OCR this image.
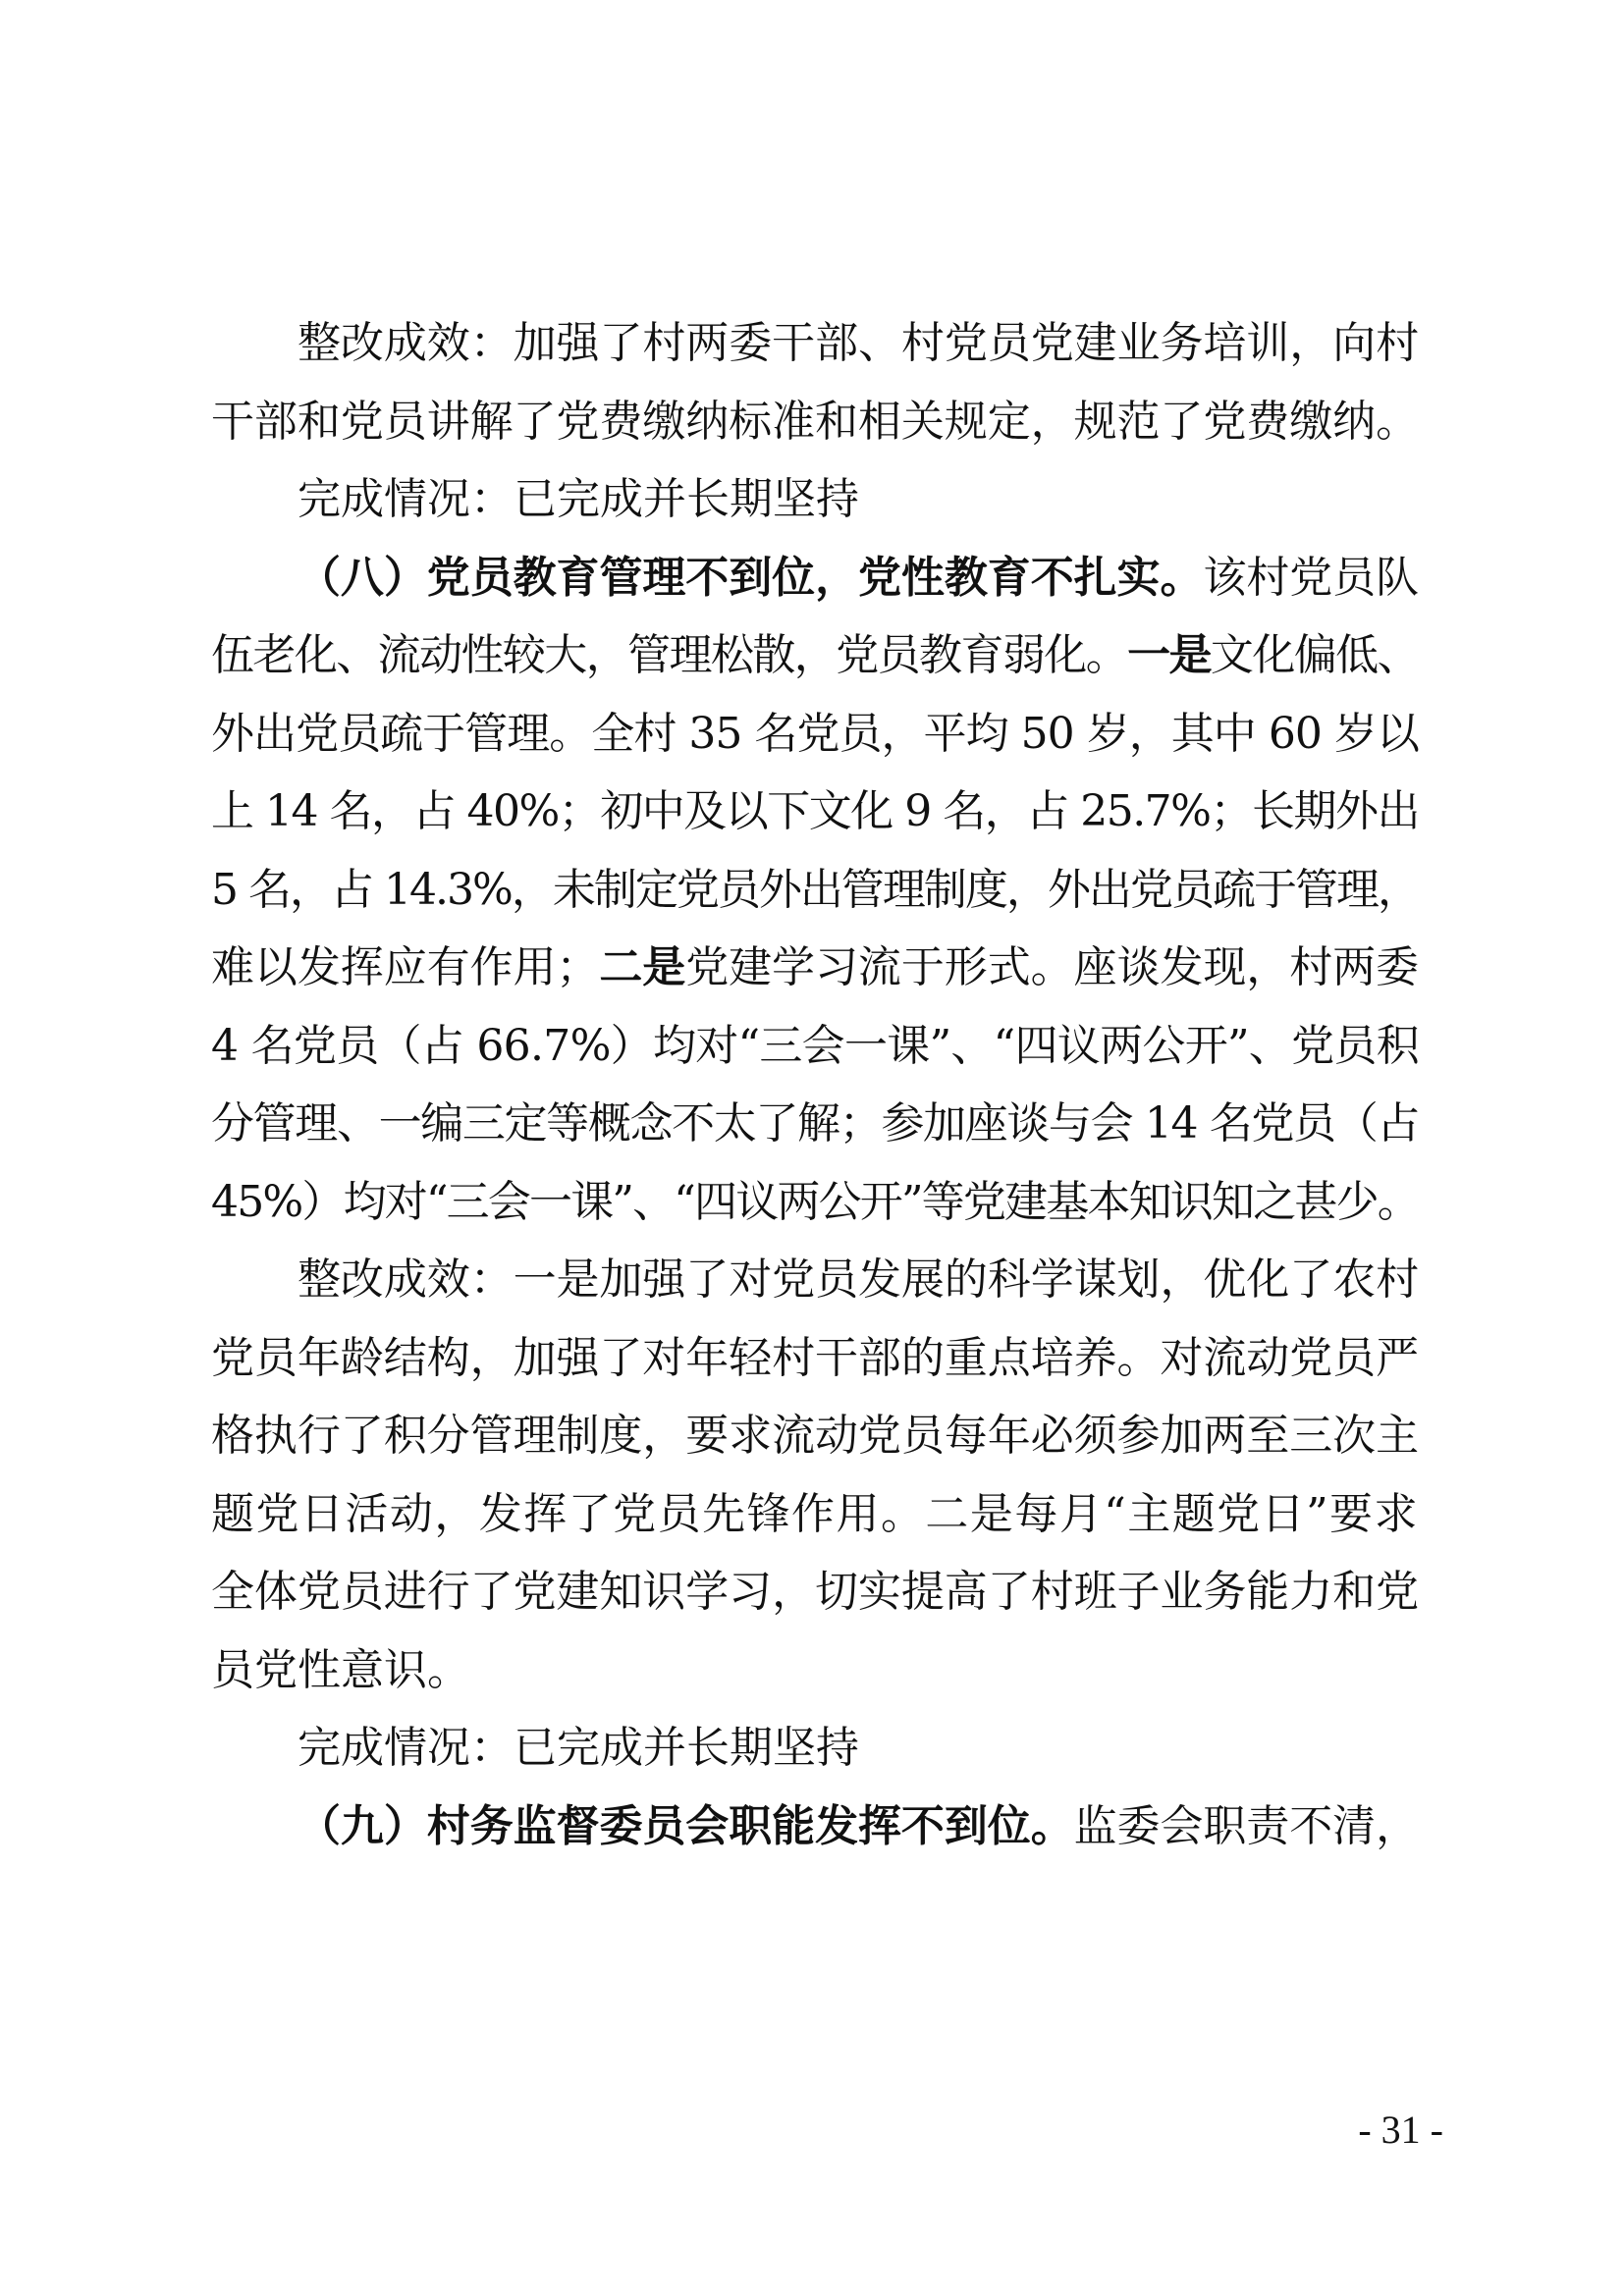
整改成效：加强了村两委干部、村党员党建业务培训，向村
干部和党员讲解了党费缴纳标准和相关规定，规范了党费缴纳。
完成情况：已完成并长期坚持
（八）党员教育管理不到位，党性教育不扎实。 该村党员队
伍老化、流动性较大，管理松散，党员教育弱化。 一是 文化偏低、
外出党员疏于管理。全村 35 名党员，平均 50 岁，其中 60 岁以
上 14 名，占 40%；初中及以下文化 9 名，占 25.7%；长期外出
5 名，占 14.3%，未制定党员外出管理制度，外出党员疏于管理，
难以发挥应有作用； 二是 党建学习流于形式。座谈发现，村两委
4 名党员（占 66.7%）均对“三会一课”、“四议两公开”、党员积
分管理、一编三定等概念不太了解；参加座谈与会 14 名党员（占
45%）均对“三会一课”、“四议两公开”等党建基本知识知之甚少。
整改成效：一是加强了对党员发展的科学谋划，优化了农村
党员年龄结构，加强了对年轻村干部的重点培养。对流动党员严
格执行了积分管理制度，要求流动党员每年必须参加两至三次主
题党日活动，发挥了党员先锋作用。二是每月“主题党日”要求
全体党员进行了党建知识学习，切实提高了村班子业务能力和党
员党性意识。
完成情况：已完成并长期坚持
（九）村务监督委员会职能发挥不到位。 监委会职责不清，
- 31 -
